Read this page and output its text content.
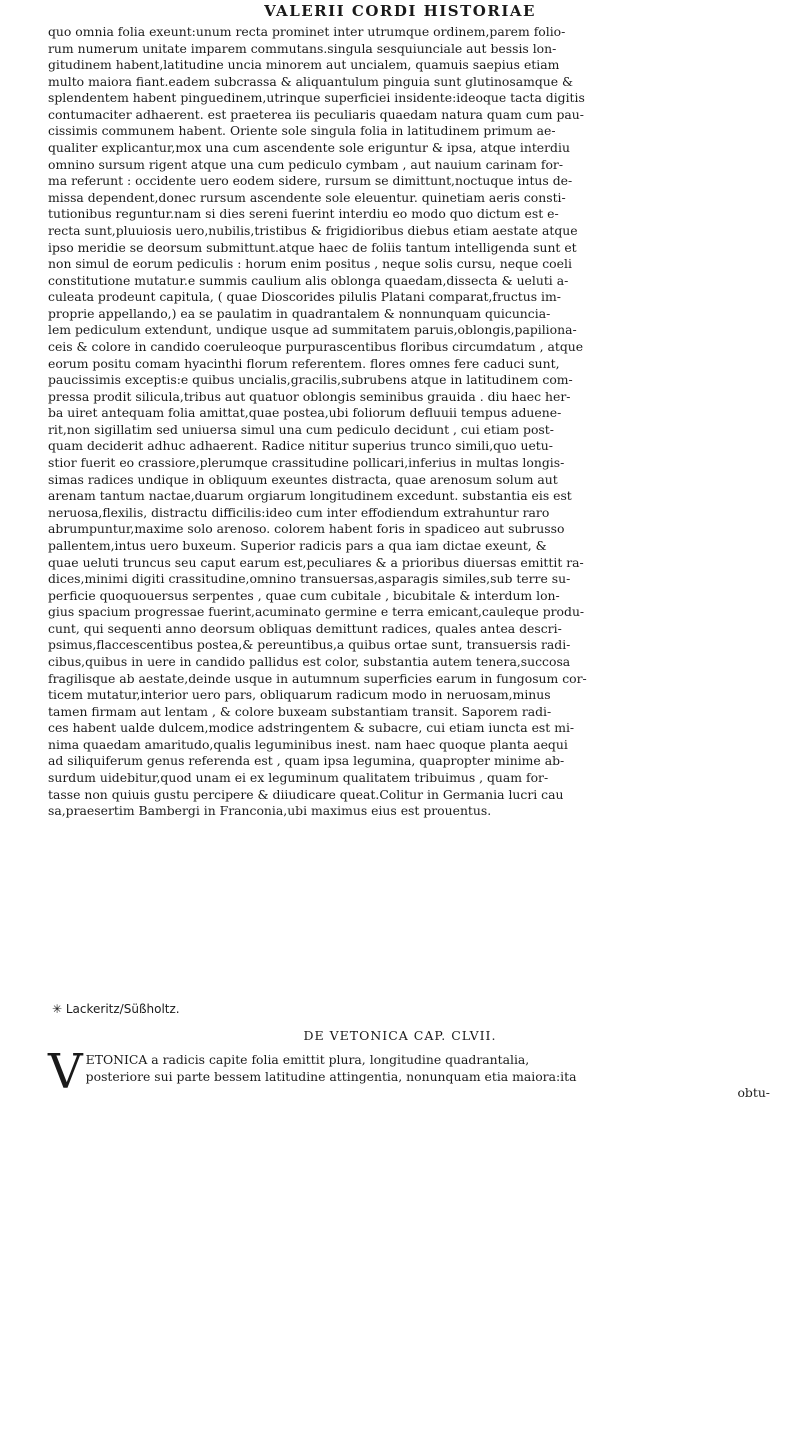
VALERII CORDI HISTORIAE
quo omnia folia exeunt:unum recta prominet inter utrumque ordinem,parem folio-
rum numerum unitate imparem commutans.singula sesquiunciale aut bessis lon-
gitudinem habent,latitudine uncia minorem aut uncialem, quamuis saepius etiam
multo maiora fiant.eadem subcrassa & aliquantulum pinguia sunt glutinosamque &
splendentem habent pinguedinem,utrinque superficiei insidente:ideoque tacta digitis
contumaciter adhaerent. est praeterea iis peculiaris quaedam natura quam cum pau-
cissimis communem habent. Oriente sole singula folia in latitudinem primum ae-
qualiter explicantur,mox una cum ascendente sole eriguntur & ipsa, atque interdiu
omnino sursum rigent atque una cum pediculo cymbam , aut nauium carinam for-
ma referunt : occidente uero eodem sidere, rursum se dimittunt,noctuque intus de-
missa dependent,donec rursum ascendente sole eleuentur. quinetiam aeris consti-
tutionibus reguntur.nam si dies sereni fuerint interdiu eo modo quo dictum est e-
recta sunt,pluuiosis uero,nubilis,tristibus & frigidioribus diebus etiam aestate atque
ipso meridie se deorsum submittunt.atque haec de foliis tantum intelligenda sunt et
non simul de eorum pediculis : horum enim positus , neque solis cursu, neque coeli
constitutione mutatur.e summis caulium alis oblonga quaedam,dissecta & ueluti a-
culeata prodeunt capitula, ( quae Dioscorides pilulis Platani comparat,fructus im-
proprie appellando,) ea se paulatim in quadrantalem & nonnunquam quicuncia-
lem pediculum extendunt, undique usque ad summitatem paruis,oblongis,papiliona-
ceis & colore in candido coeruleoque purpurascentibus floribus circumdatum , atque
eorum positu comam hyacinthi florum referentem. flores omnes fere caduci sunt,
paucissimis exceptis:e quibus uncialis,gracilis,subrubens atque in latitudinem com-
pressa prodit silicula,tribus aut quatuor oblongis seminibus grauida . diu haec her-
ba uiret antequam folia amittat,quae postea,ubi foliorum defluuii tempus aduene-
rit,non sigillatim sed uniuersa simul una cum pediculo decidunt , cui etiam post-
quam deciderit adhuc adhaerent. Radice nititur superius trunco simili,quo uetu-
stior fuerit eo crassiore,plerumque crassitudine pollicari,inferius in multas longis-
simas radices undique in obliquum exeuntes distracta, quae arenosum solum aut
arenam tantum nactae,duarum orgiarum longitudinem excedunt. substantia eis est
neruosa,flexilis, distractu difficilis:ideo cum inter effodiendum extrahuntur raro
abrumpuntur,maxime solo arenoso. colorem habent foris in spadiceo aut subrusso
pallentem,intus uero buxeum. Superior radicis pars a qua iam dictae exeunt, &
quae ueluti truncus seu caput earum est,peculiares & a prioribus diuersas emittit ra-
dices,minimi digiti crassitudine,omnino transuersas,asparagis similes,sub terre su-
perficie quoquouersus serpentes , quae cum cubitale , bicubitale & interdum lon-
gius spacium progressae fuerint,acuminato germine e terra emicant,cauleque produ-
cunt, qui sequenti anno deorsum obliquas demittunt radices, quales antea descri-
psimus,flaccescentibus postea,& pereuntibus,a quibus ortae sunt, transuersis radi-
cibus,quibus in uere in candido pallidus est color, substantia autem tenera,succosa
fragilisque ab aestate,deinde usque in autumnum superficies earum in fungosum cor-
ticem mutatur,interior uero pars, obliquarum radicum modo in neruosam,minus
tamen firmam aut lentam , & colore buxeam substantiam transit. Saporem radi-
ces habent ualde dulcem,modice adstringentem & subacre, cui etiam iuncta est mi-
nima quaedam amaritudo,qualis leguminibus inest. nam haec quoque planta aequi
ad siliquiferum genus referenda est , quam ipsa legumina, quapropter minime ab-
surdum uidebitur,quod unam ei ex leguminum qualitatem tribuimus , quam for-
tasse non quiuis gustu percipere & diiudicare queat.Colitur in Germania lucri cau
sa,praesertim Bambergi in Franconia,ubi maximus eius est prouentus.
✳ Lackeritz/Süßholtz.
DE VETONICA CAP. CLVII.
V ETONICA a radicis capite folia emittit plura, longitudine quadrantalia,
posteriore sui parte bessem latitudine attingentia, nonunquam etia maiora:ita
obtu-
